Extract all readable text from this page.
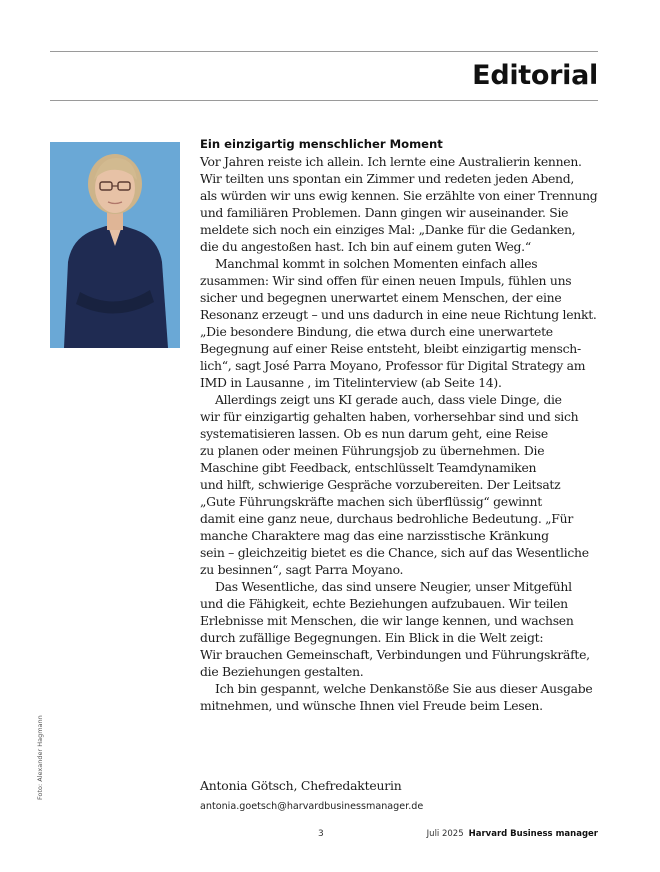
Editorial
Foto: Alexander Hagmann
Ein einzigartig menschlicher Moment

Vor Jahren reiste ich allein. Ich lernte eine Australierin kennen.

Wir teilten uns spontan ein Zimmer und redeten jeden Abend,

als würden wir uns ewig kennen. Sie erzählte von einer Trennung

und familiären Problemen. Dann gingen wir auseinander. Sie

meldete sich noch ein einziges Mal: „Danke für die Gedanken,

die du angestoßen hast. Ich bin auf einem guten Weg.“

Manchmal kommt in solchen Momenten einfach alles

zusammen: Wir sind offen für einen neuen Impuls, fühlen uns

sicher und begegnen unerwartet einem Menschen, der eine

Resonanz erzeugt – und uns dadurch in eine neue Richtung lenkt.

„Die besondere Bindung, die etwa durch eine unerwartete

Begegnung auf einer Reise entsteht, bleibt einzigartig mensch-

lich“, sagt José Parra Moyano, Professor für Digital Strategy am

IMD in Lausanne , im Titelinterview (ab Seite 14).

Allerdings zeigt uns KI gerade auch, dass viele Dinge, die

wir für einzigartig gehalten haben, vorhersehbar sind und sich

systematisieren lassen. Ob es nun darum geht, eine Reise

zu planen oder meinen Führungsjob zu übernehmen. Die

Maschine gibt Feedback, entschlüsselt Teamdynamiken

und hilft, schwierige Gespräche vorzubereiten. Der Leitsatz

„Gute Führungskräfte machen sich überflüssig“ gewinnt

damit eine ganz neue, durchaus bedrohliche Bedeutung. „Für

manche Charaktere mag das eine narzisstische Kränkung

sein – gleichzeitig bietet es die Chance, sich auf das Wesentliche

zu besinnen“, sagt Parra Moyano.

Das Wesentliche, das sind unsere Neugier, unser Mitgefühl

und die Fähigkeit, echte Beziehungen aufzubauen. Wir teilen

Erlebnisse mit Menschen, die wir lange kennen, und wachsen

durch zufällige Begegnungen. Ein Blick in die Welt zeigt:

Wir brauchen Gemeinschaft, Verbindungen und Führungskräfte,

die Beziehungen gestalten.

Ich bin gespannt, welche Denkanstöße Sie aus dieser Ausgabe

mitnehmen, und wünsche Ihnen viel Freude beim Lesen.

Antonia Götsch, Chefredakteurin
antonia.goetsch@harvardbusinessmanager.de
3	Juli 2025 Harvard Business manager
